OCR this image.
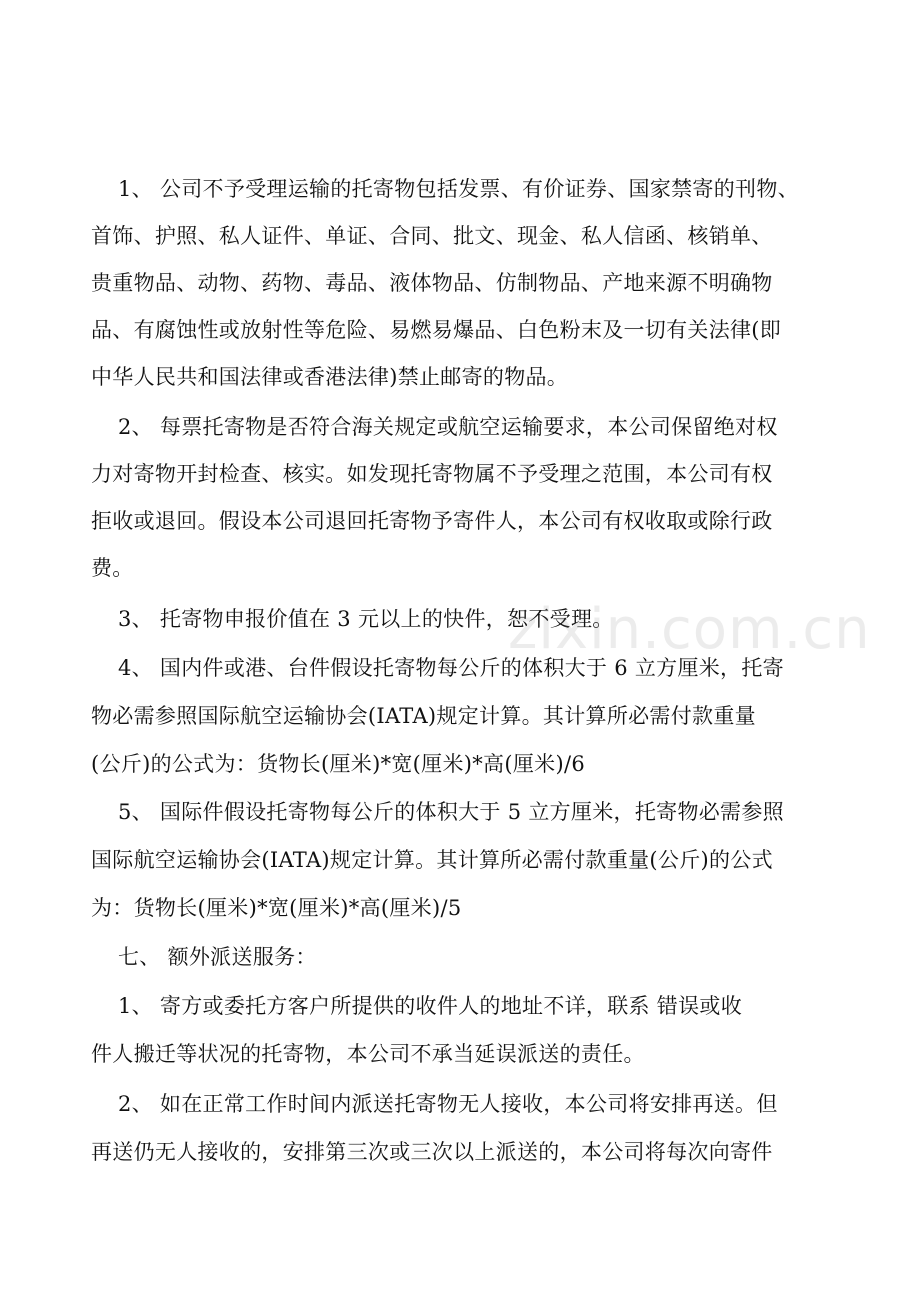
1、 公司不予受理运输的托寄物包括发票、有价证券、国家禁寄的刊物、
首饰、护照、私人证件、单证、合同、批文、现金、私人信函、核销单、
贵重物品、动物、药物、毒品、液体物品、仿制物品、产地来源不明确物
品、有腐蚀性或放射性等危险、易燃易爆品、白色粉末及一切有关法律(即
中华人民共和国法律或香港法律)禁止邮寄的物品。
2、 每票托寄物是否符合海关规定或航空运输要求，本公司保留绝对权
力对寄物开封检查、核实。如发现托寄物属不予受理之范围，本公司有权
拒收或退回。假设本公司退回托寄物予寄件人，本公司有权收取或除行政
费。
3、 托寄物申报价值在 3 元以上的快件，恕不受理。
4、 国内件或港、台件假设托寄物每公斤的体积大于 6 立方厘米，托寄
物必需参照国际航空运输协会(IATA)规定计算。其计算所必需付款重量
(公斤)的公式为：货物长(厘米)*宽(厘米)*高(厘米)/6
5、 国际件假设托寄物每公斤的体积大于 5 立方厘米，托寄物必需参照
国际航空运输协会(IATA)规定计算。其计算所必需付款重量(公斤)的公式
为：货物长(厘米)*宽(厘米)*高(厘米)/5
七、 额外派送服务：
1、 寄方或委托方客户所提供的收件人的地址不详，联系 错误或收
件人搬迁等状况的托寄物，本公司不承当延误派送的责任。
2、 如在正常工作时间内派送托寄物无人接收，本公司将安排再送。但
再送仍无人接收的，安排第三次或三次以上派送的，本公司将每次向寄件
zixin.com.cn
